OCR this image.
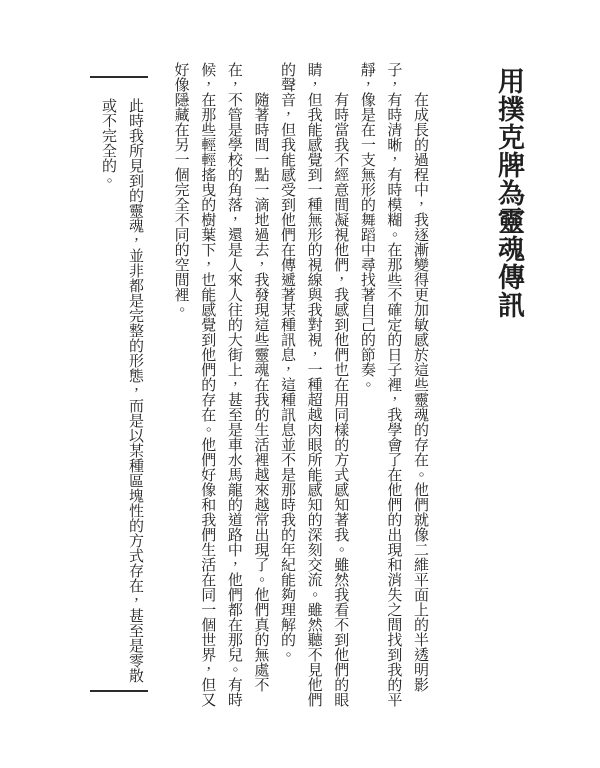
用撲克牌為靈魂傳訊

在成長的過程中，我逐漸變得更加敏感於這些靈魂的存在。他們就像二維平面上的半透明影子，有時清晰，有時模糊。在那些不確定的日子裡，我學會了在他們的出現和消失之間找到我的平靜，像是在一支無形的舞蹈中尋找著自己的節奏。

有時當我不經意間凝視他們，我感到他們也在用同樣的方式感知著我。雖然我看不到他們的眼睛，但我能感覺到一種無形的視線與我對視，一種超越肉眼所能感知的深刻交流。雖然聽不見他們的聲音，但我能感受到他們在傳遞著某種訊息，這種訊息並不是那時我的年紀能夠理解的。

隨著時間一點一滴地過去，我發現這些靈魂在我的生活裡越來越常出現了。他們真的無處不在，不管是學校的角落，還是人來人往的大街上，甚至是車水馬龍的道路中，他們都在那兒。有時候，在那些輕輕搖曳的樹葉下，也能感覺到他們的存在。他們好像和我們生活在同一個世界，但又好像隱藏在另一個完全不同的空間裡。

此時我所見到的靈魂，並非都是完整的形態，而是以某種區塊性的方式存在，甚至是零散或不完全的。
